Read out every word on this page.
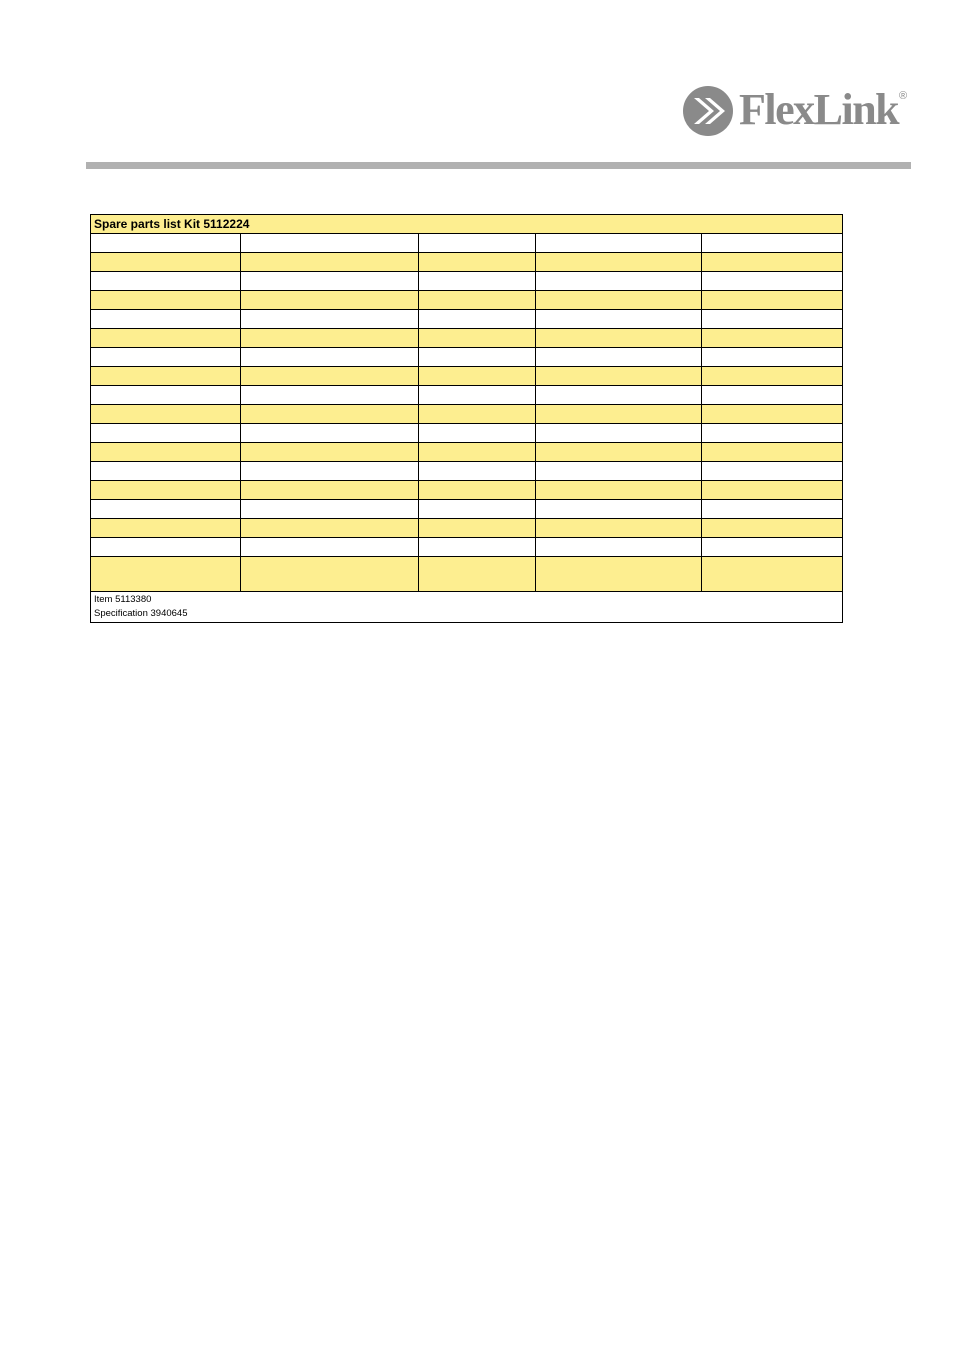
FlexLink ®
Spare parts list Kit 5112224				

Item 5113380
Specification 3940645				
